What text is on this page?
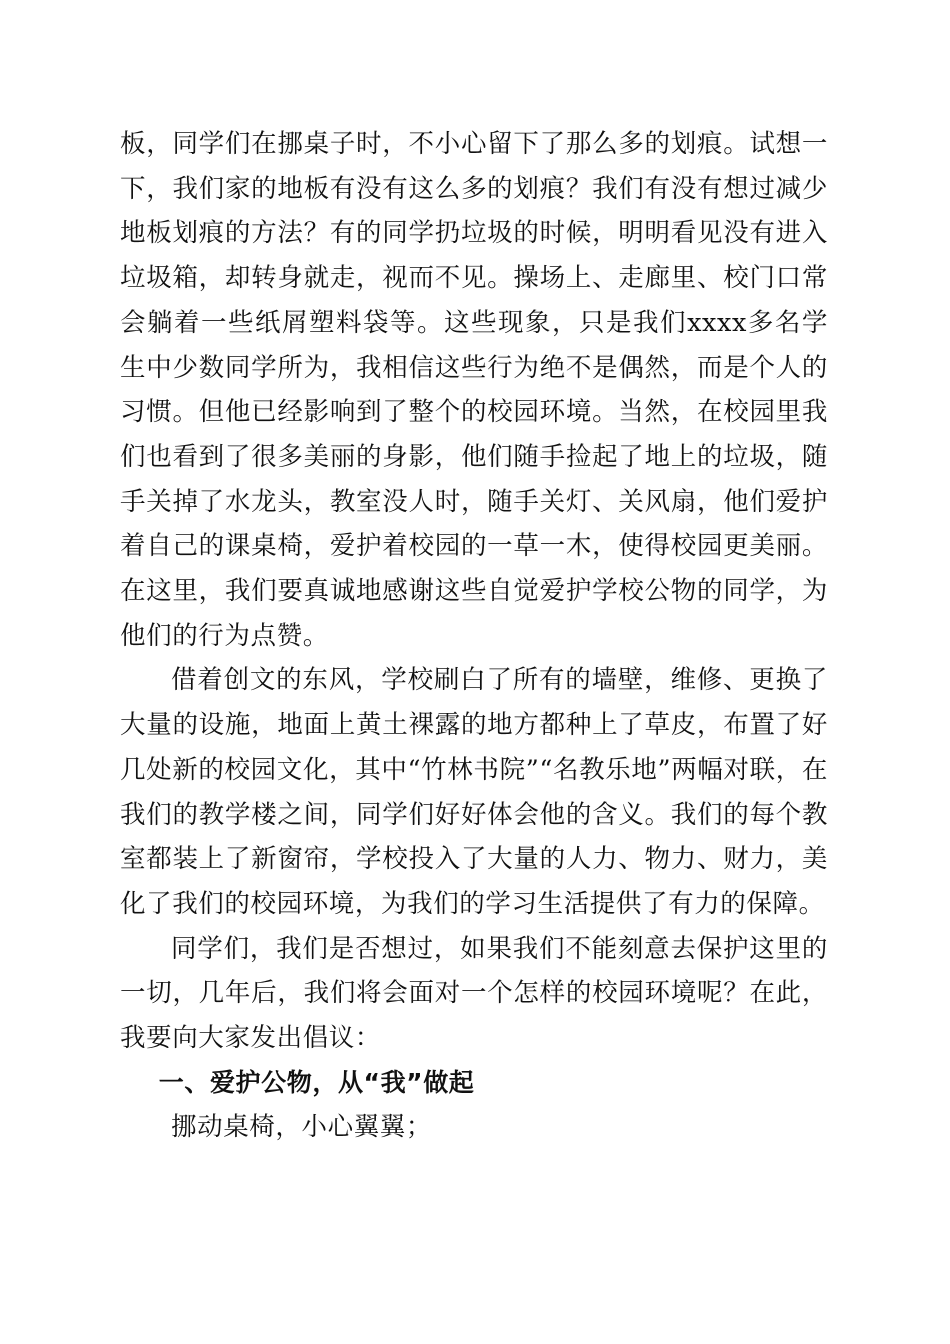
板，同学们在挪桌子时，不小心留下了那么多的划痕。试想一下，我们家的地板有没有这么多的划痕？我们有没有想过减少地板划痕的方法？有的同学扔垃圾的时候，明明看见没有进入垃圾箱，却转身就走，视而不见。操场上、走廊里、校门口常会躺着一些纸屑塑料袋等。这些现象，只是我们xxxx多名学生中少数同学所为，我相信这些行为绝不是偶然，而是个人的习惯。但他已经影响到了整个的校园环境。当然，在校园里我们也看到了很多美丽的身影，他们随手捡起了地上的垃圾，随手关掉了水龙头，教室没人时，随手关灯、关风扇，他们爱护着自己的课桌椅，爱护着校园的一草一木，使得校园更美丽。在这里，我们要真诚地感谢这些自觉爱护学校公物的同学，为他们的行为点赞。

借着创文的东风，学校刷白了所有的墙壁，维修、更换了大量的设施，地面上黄土裸露的地方都种上了草皮，布置了好几处新的校园文化，其中“竹林书院”“名教乐地”两幅对联，在我们的教学楼之间，同学们好好体会他的含义。我们的每个教室都装上了新窗帘，学校投入了大量的人力、物力、财力，美化了我们的校园环境，为我们的学习生活提供了有力的保障。

同学们，我们是否想过，如果我们不能刻意去保护这里的一切，几年后，我们将会面对一个怎样的校园环境呢？在此，我要向大家发出倡议：

一、爱护公物，从“我”做起

挪动桌椅，小心翼翼；
